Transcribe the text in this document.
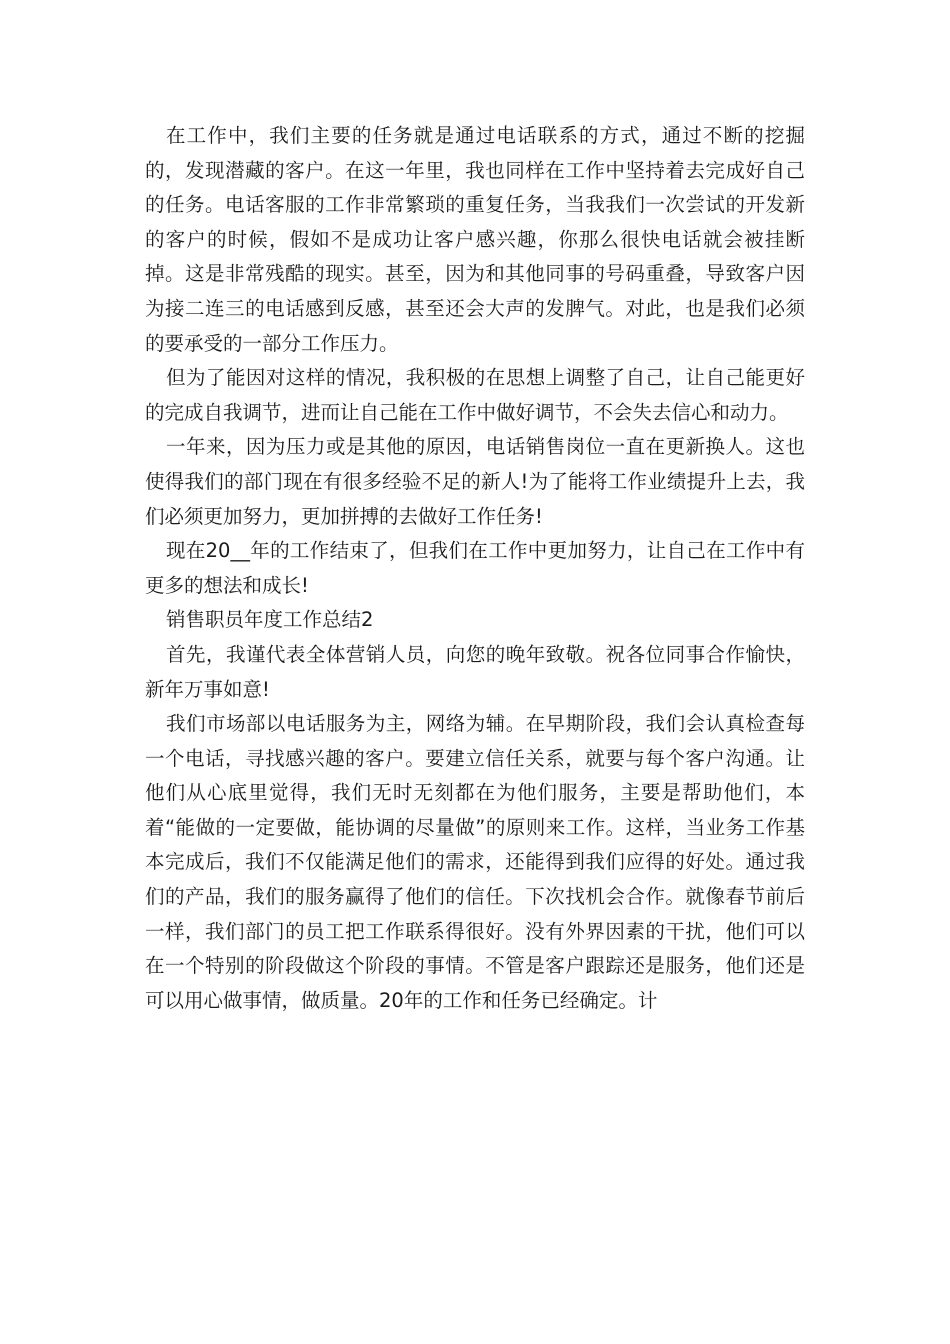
在工作中，我们主要的任务就是通过电话联系的方式，通过不断的挖掘的，发现潜藏的客户。在这一年里，我也同样在工作中坚持着去完成好自己的任务。电话客服的工作非常繁琐的重复任务，当我我们一次尝试的开发新的客户的时候，假如不是成功让客户感兴趣，你那么很快电话就会被挂断掉。这是非常残酷的现实。甚至，因为和其他同事的号码重叠，导致客户因为接二连三的电话感到反感，甚至还会大声的发脾气。对此，也是我们必须的要承受的一部分工作压力。

但为了能因对这样的情况，我积极的在思想上调整了自己，让自己能更好的完成自我调节，进而让自己能在工作中做好调节，不会失去信心和动力。

一年来，因为压力或是其他的原因，电话销售岗位一直在更新换人。这也使得我们的部门现在有很多经验不足的新人!为了能将工作业绩提升上去，我们必须更加努力，更加拼搏的去做好工作任务!

现在20__年的工作结束了，但我们在工作中更加努力，让自己在工作中有更多的想法和成长!

销售职员年度工作总结2

首先，我谨代表全体营销人员，向您的晚年致敬。祝各位同事合作愉快，新年万事如意!

我们市场部以电话服务为主，网络为辅。在早期阶段，我们会认真检查每一个电话，寻找感兴趣的客户。要建立信任关系，就要与每个客户沟通。让他们从心底里觉得，我们无时无刻都在为他们服务，主要是帮助他们，本着“能做的一定要做，能协调的尽量做”的原则来工作。这样，当业务工作基本完成后，我们不仅能满足他们的需求，还能得到我们应得的好处。通过我们的产品，我们的服务赢得了他们的信任。下次找机会合作。就像春节前后一样，我们部门的员工把工作联系得很好。没有外界因素的干扰，他们可以在一个特别的阶段做这个阶段的事情。不管是客户跟踪还是服务，他们还是可以用心做事情，做质量。20年的工作和任务已经确定。计
